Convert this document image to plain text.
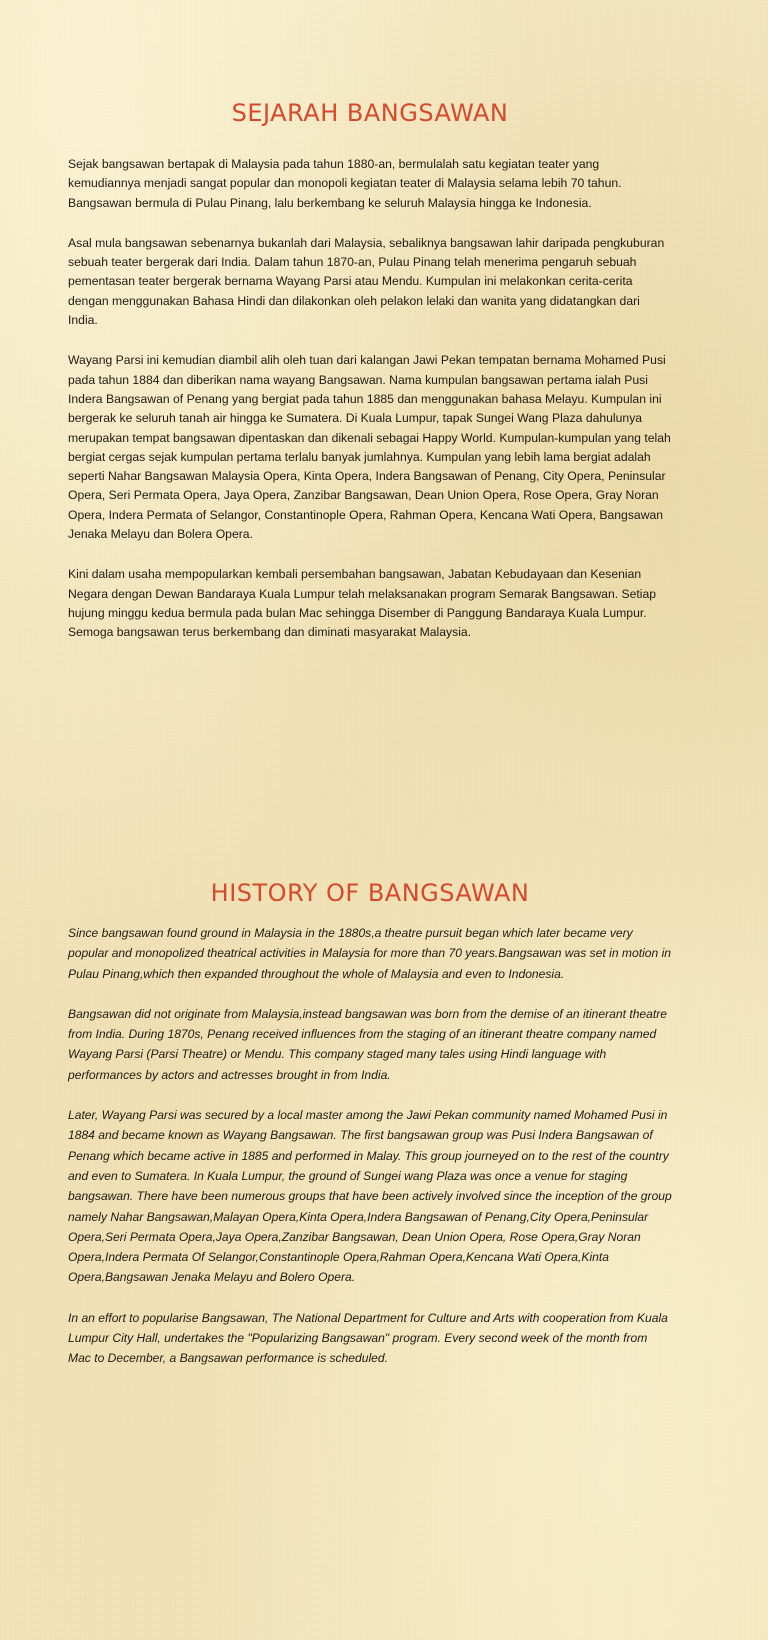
SEJARAH BANGSAWAN

Sejak bangsawan bertapak di Malaysia pada tahun 1880-an, bermulalah satu kegiatan teater yang kemudiannya menjadi sangat popular dan monopoli kegiatan teater di Malaysia selama lebih 70 tahun. Bangsawan bermula di Pulau Pinang, lalu berkembang ke seluruh Malaysia hingga ke Indonesia.

Asal mula bangsawan sebenarnya bukanlah dari Malaysia, sebaliknya bangsawan lahir daripada pengkuburan sebuah teater bergerak dari India. Dalam tahun 1870-an, Pulau Pinang telah menerima pengaruh sebuah pementasan teater bergerak bernama Wayang Parsi atau Mendu. Kumpulan ini melakonkan cerita-cerita dengan menggunakan Bahasa Hindi dan dilakonkan oleh pelakon lelaki dan wanita yang didatangkan dari India.

Wayang Parsi ini kemudian diambil alih oleh tuan dari kalangan Jawi Pekan tempatan bernama Mohamed Pusi pada tahun 1884 dan diberikan nama wayang Bangsawan. Nama kumpulan bangsawan pertama ialah Pusi Indera Bangsawan of Penang yang bergiat pada tahun 1885 dan menggunakan bahasa Melayu. Kumpulan ini bergerak ke seluruh tanah air hingga ke Sumatera. Di Kuala Lumpur, tapak Sungei Wang Plaza dahulunya merupakan tempat bangsawan dipentaskan dan dikenali sebagai Happy World. Kumpulan-kumpulan yang telah bergiat cergas sejak kumpulan pertama terlalu banyak jumlahnya. Kumpulan yang lebih lama bergiat adalah seperti Nahar Bangsawan Malaysia Opera, Kinta Opera, Indera Bangsawan of Penang, City Opera, Peninsular Opera, Seri Permata Opera, Jaya Opera, Zanzibar Bangsawan, Dean Union Opera, Rose Opera, Gray Noran Opera, Indera Permata of Selangor, Constantinople Opera, Rahman Opera, Kencana Wati Opera, Bangsawan Jenaka Melayu dan Bolera Opera.

Kini dalam usaha mempopularkan kembali persembahan bangsawan, Jabatan Kebudayaan dan Kesenian Negara dengan Dewan Bandaraya Kuala Lumpur telah melaksanakan program Semarak Bangsawan. Setiap hujung minggu kedua bermula pada bulan Mac sehingga Disember di Panggung Bandaraya Kuala Lumpur. Semoga bangsawan terus berkembang dan diminati masyarakat Malaysia.

HISTORY OF BANGSAWAN

Since bangsawan found ground in Malaysia in the 1880s,a theatre pursuit began which later became very popular and monopolized theatrical activities in Malaysia for more than 70 years.Bangsawan was set in motion in Pulau Pinang,which then expanded throughout the whole of Malaysia and even to Indonesia.

Bangsawan did not originate from Malaysia,instead bangsawan was born from the demise of an itinerant theatre from India. During 1870s, Penang received influences from the staging of an itinerant theatre company named Wayang Parsi (Parsi Theatre) or Mendu. This company staged many tales using Hindi language with performances by actors and actresses brought in from India.

Later, Wayang Parsi was secured by a local master among the Jawi Pekan community named Mohamed Pusi in 1884 and became known as Wayang Bangsawan. The first bangsawan group was Pusi Indera Bangsawan of Penang which became active in 1885 and performed in Malay. This group journeyed on to the rest of the country and even to Sumatera. In Kuala Lumpur, the ground of Sungei wang Plaza was once a venue for staging bangsawan. There have been numerous groups that have been actively involved since the inception of the group namely Nahar Bangsawan,Malayan Opera,Kinta Opera,Indera Bangsawan of Penang,City Opera,Peninsular Opera,Seri Permata Opera,Jaya Opera,Zanzibar Bangsawan, Dean Union Opera, Rose Opera,Gray Noran Opera,Indera Permata Of Selangor,Constantinople Opera,Rahman Opera,Kencana Wati Opera,Kinta Opera,Bangsawan Jenaka Melayu and Bolero Opera.

In an effort to popularise Bangsawan, The National Department for Culture and Arts with cooperation from Kuala Lumpur City Hall, undertakes the "Popularizing Bangsawan" program. Every second week of the month from Mac to December, a Bangsawan performance is scheduled.
